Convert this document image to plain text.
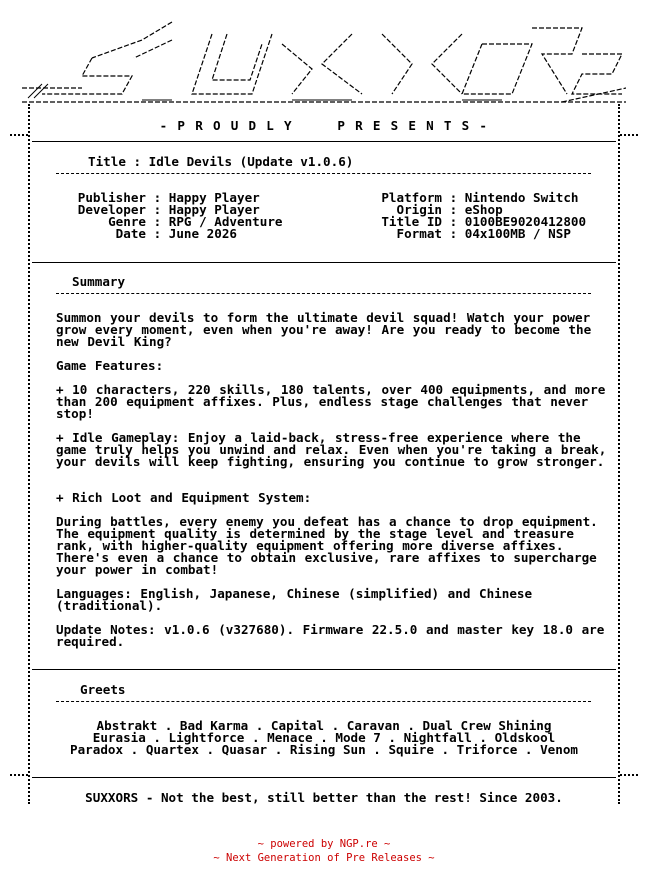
- P R O U D L Y     P R E S E N T S -
Title : Idle Devils (Update v1.0.6)
Publisher : Happy Player
Developer : Happy Player
Genre : RPG / Adventure
Date : June 2026
Platform : Nintendo Switch
Origin : eShop
Title ID : 0100BE9020412800
Format : 04x100MB / NSP
Summary
Summon your devils to form the ultimate devil squad! Watch your power grow every moment, even when you're away! Are you ready to become the new Devil King?
Game Features:
+ 10 characters, 220 skills, 180 talents, over 400 equipments, and more than 200 equipment affixes. Plus, endless stage challenges that never stop!
+ Idle Gameplay: Enjoy a laid-back, stress-free experience where the game truly helps you unwind and relax. Even when you're taking a break, your devils will keep fighting, ensuring you continue to grow stronger.
+ Rich Loot and Equipment System:
During battles, every enemy you defeat has a chance to drop equipment. The equipment quality is determined by the stage level and treasure rank, with higher-quality equipment offering more diverse affixes. There's even a chance to obtain exclusive, rare affixes to supercharge your power in combat!
Languages: English, Japanese, Chinese (simplified) and Chinese (traditional).
Update Notes: v1.0.6 (v327680). Firmware 22.5.0 and master key 18.0 are required.
Greets
Abstrakt . Bad Karma . Capital . Caravan . Dual Crew Shining
Eurasia . Lightforce . Menace . Mode 7 . Nightfall . Oldskool
Paradox . Quartex . Quasar . Rising Sun . Squire . Triforce . Venom
SUXXORS - Not the best, still better than the rest! Since 2003.
~ powered by NGP.re ~
~ Next Generation of Pre Releases ~
